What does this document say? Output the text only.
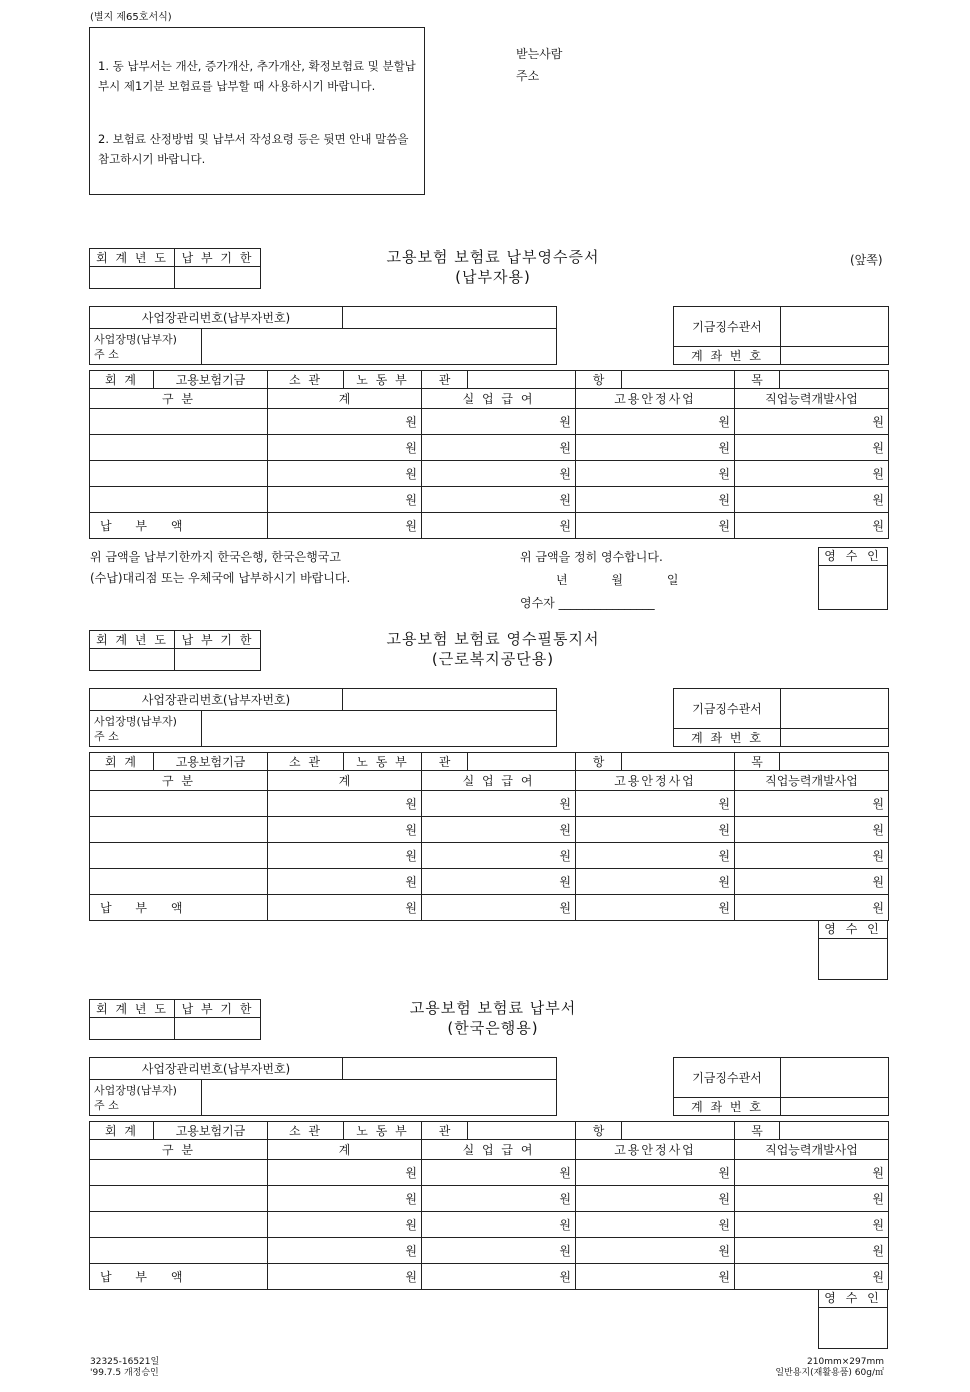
(별지 제65호서식)
1. 동 납부서는 개산, 증가개산, 추가개산, 확정보험료 및 분할납부시 제1기분 보험료를 납부할 때 사용하시기 바랍니다.
2. 보험료 산정방법 및 납부서 작성요령 등은 뒷면 안내 말씀을 참고하시기 바랍니다.
받는사람
주소
(앞쪽)
회 계 년 도	납 부 기 한
		고용보험 보험료 납부영수증서
(납부자용)
사업장관리번호(납부자번호)		

사업장명(납부자)
주 소		

기금징수관서	
계 좌 번 호	
회 계	고용보험기금	소 관	노 동 부	관		항		목	
구 분		계		실 업 급 여		고용안정사업		직업능력개발사업	
		원		원		원		원	
		원		원		원		원	
		원		원		원		원	
		원		원		원		원	
납 부 액		원		원		원		원	
위 금액을 납부기한까지 한국은행, 한국은행국고
(수납)대리점 또는 우체국에 납부하시기 바랍니다.
위 금액을 정히 영수합니다.
년 월 일
영수자 ________________
영 수 인
회 계 년 도	납 부 기 한
		고용보험 보험료 영수필통지서
(근로복지공단용)
사업장관리번호(납부자번호)		

사업장명(납부자)
주 소		

기금징수관서	
계 좌 번 호	
회 계	고용보험기금	소 관	노 동 부	관		항		목	
구 분		계		실 업 급 여		고용안정사업		직업능력개발사업	
		원		원		원		원	
		원		원		원		원	
		원		원		원		원	
		원		원		원		원	
납 부 액		원		원		원		원	
영 수 인
회 계 년 도	납 부 기 한
		고용보험 보험료 납부서
(한국은행용)
사업장관리번호(납부자번호)		

사업장명(납부자)
주 소		

기금징수관서	
계 좌 번 호	
회 계	고용보험기금	소 관	노 동 부	관		항		목	
구 분		계		실 업 급 여		고용안정사업		직업능력개발사업	
		원		원		원		원	
		원		원		원		원	
		원		원		원		원	
		원		원		원		원	
납 부 액		원		원		원		원	
영 수 인
32325-16521일
'99.7.5 개정승인
210mm×297mm
일반용지(재활용품) 60g/㎡
